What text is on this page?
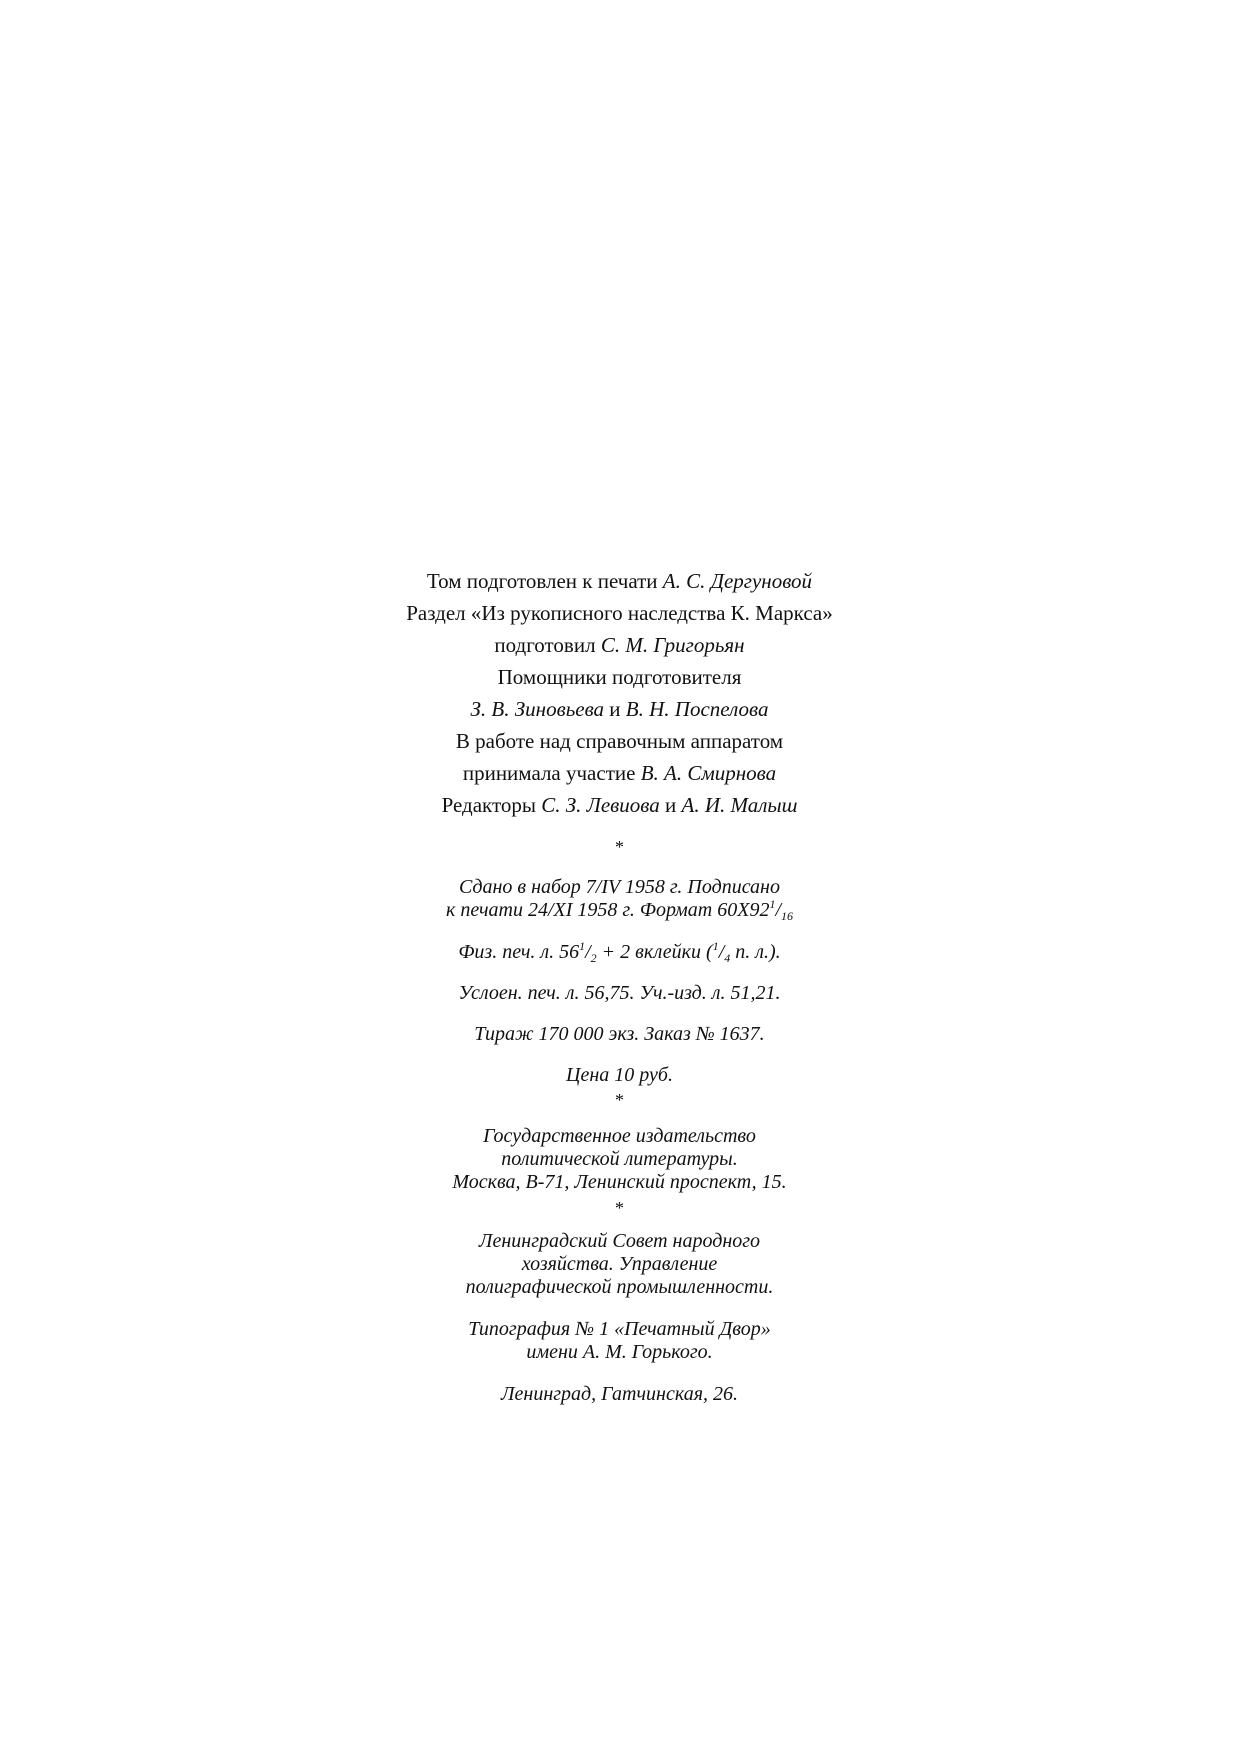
Том подготовлен к печати А. С. Дергуновой
Раздел «Из рукописного наследства К. Маркса»
подготовил С. М. Григорьян
Помощники подготовителя
З. В. Зиновьева и В. Н. Поспелова
В работе над справочным аппаратом
принимала участие В. А. Смирнова
Редакторы С. З. Левиова и А. И. Малыш
*
Сдано в набор 7/IV 1958 г. Подписано
к печати 24/XI 1958 г. Формат $60Х92^1/_{16}$
Физ. печ. л. $56^1/_2 + 2$ вклейки ($^1/_4$ п. л.).
Услоен. печ. л. 56,75. Уч.-изд. л. 51,21.
Тираж 170 000 экз. Заказ № 1637.
Цена 10 руб.
*
Государственное издательство
политической литературы.
Москва, В-71, Ленинский проспект, 15.
*
Ленинградский Совет народного
хозяйства. Управление
полиграфической промышленности.
Типография № 1 «Печатный Двор»
имени А. М. Горького.
Ленинград, Гатчинская, 26.
